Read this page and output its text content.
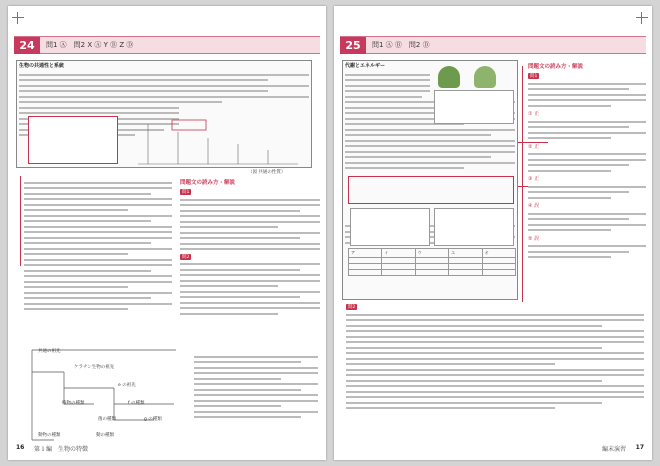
24	問1 Ⓐ　問2 X Ⓐ Y Ⓑ Z Ⓓ
生物の共通性と系統
（図 共通の性質）
問題文の読み方・解説
問1
問2
共通の祖先
ケラチン生物の祖先
e の祖先
植物の種類	f の種類
菌の種類	g の種類
動物の種類	動の種類
16 第１編　生物の特徴
25	問1 Ⓐ Ⓑ　問2 Ⓓ
代謝とエネルギー
ア	イ	ウ	エ	オ

問題文の読み方・解説
問1
① 正
② 正
③ 正
④ 誤
⑤ 誤
問2
編末演習 17
